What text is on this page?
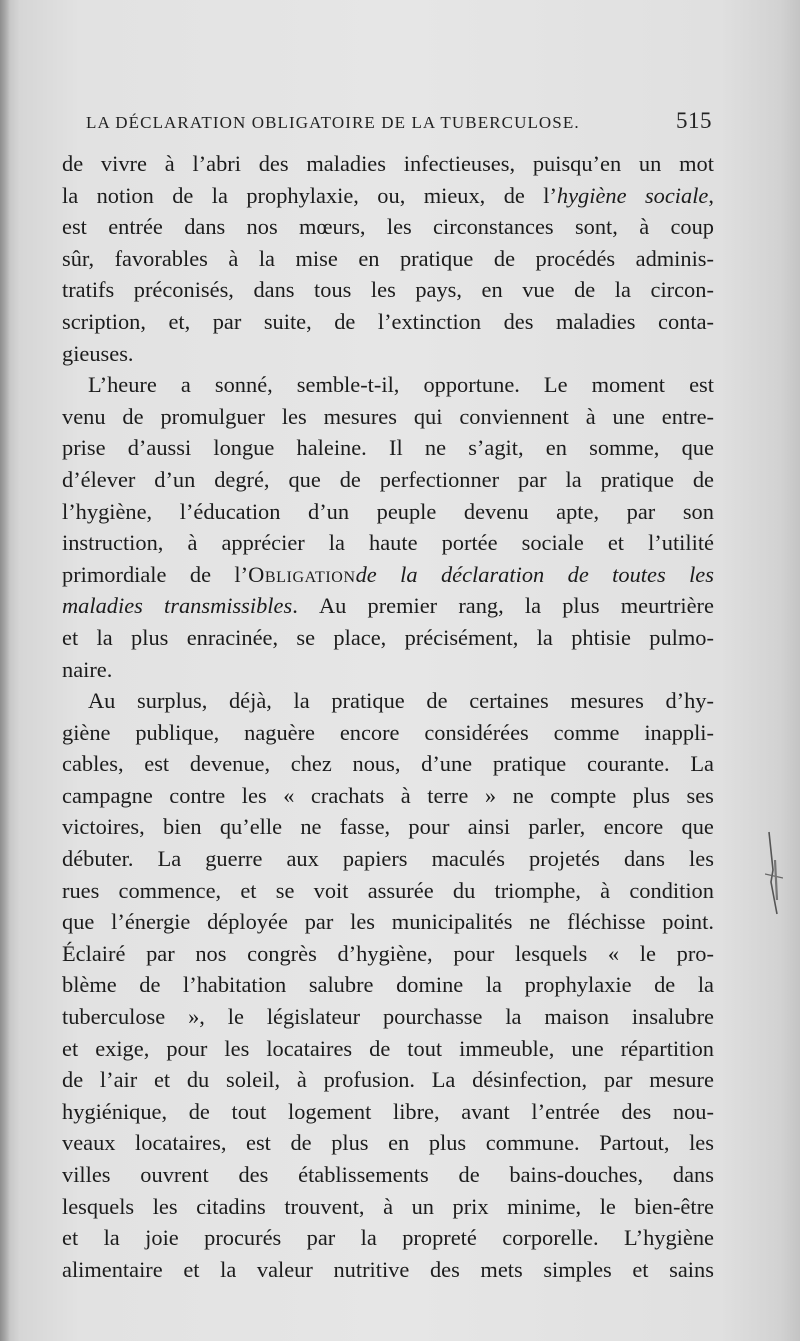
LA DÉCLARATION OBLIGATOIRE DE LA TUBERCULOSE.	515
de vivre à l’abri des maladies infectieuses, puisqu’en un mot
la notion de la prophylaxie, ou, mieux, de l’hygiène sociale,
est entrée dans nos mœurs, les circonstances sont, à coup
sûr, favorables à la mise en pratique de procédés adminis-
tratifs préconisés, dans tous les pays, en vue de la circon-
scription, et, par suite, de l’extinction des maladies conta-
gieuses.
L’heure a sonné, semble-t-il, opportune. Le moment est
venu de promulguer les mesures qui conviennent à une entre-
prise d’aussi longue haleine. Il ne s’agit, en somme, que
d’élever d’un degré, que de perfectionner par la pratique de
l’hygiène, l’éducation d’un peuple devenu apte, par son
instruction, à apprécier la haute portée sociale et l’utilité
primordiale de l’Obligationde la déclaration de toutes les
maladies transmissibles. Au premier rang, la plus meurtrière
et la plus enracinée, se place, précisément, la phtisie pulmo-
naire.
Au surplus, déjà, la pratique de certaines mesures d’hy-
giène publique, naguère encore considérées comme inappli-
cables, est devenue, chez nous, d’une pratique courante. La
campagne contre les « crachats à terre » ne compte plus ses
victoires, bien qu’elle ne fasse, pour ainsi parler, encore que
débuter. La guerre aux papiers maculés projetés dans les
rues commence, et se voit assurée du triomphe, à condition
que l’énergie déployée par les municipalités ne fléchisse point.
Éclairé par nos congrès d’hygiène, pour lesquels « le pro-
blème de l’habitation salubre domine la prophylaxie de la
tuberculose », le législateur pourchasse la maison insalubre
et exige, pour les locataires de tout immeuble, une répartition
de l’air et du soleil, à profusion. La désinfection, par mesure
hygiénique, de tout logement libre, avant l’entrée des nou-
veaux locataires, est de plus en plus commune. Partout, les
villes ouvrent des établissements de bains-douches, dans
lesquels les citadins trouvent, à un prix minime, le bien-être
et la joie procurés par la propreté corporelle. L’hygiène
alimentaire et la valeur nutritive des mets simples et sains
